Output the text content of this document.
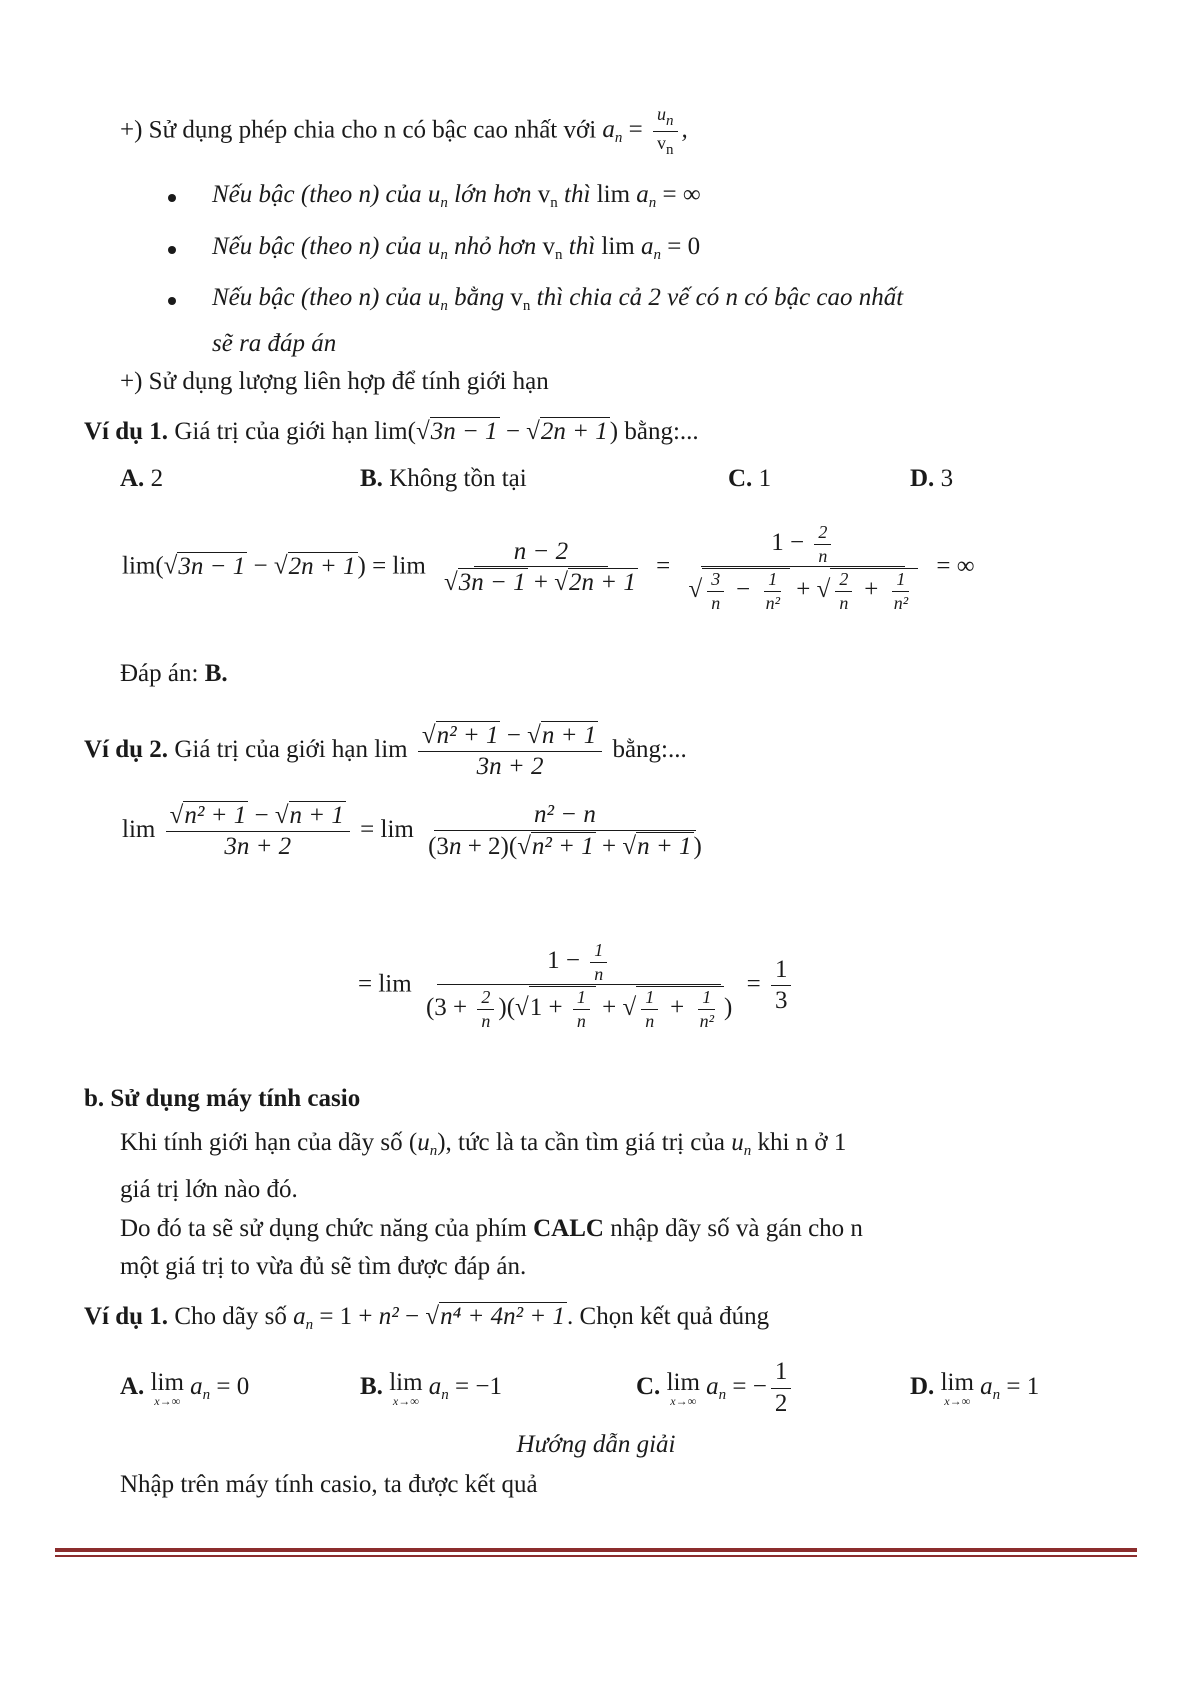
+) Sử dụng phép chia cho n có bậc cao nhất với $a_n = \frac{u_n}{v_n}$ ,
Nếu bậc (theo n) của $u_n$ lớn hơn $v_n$ thì $\lim a_n$ = ∞
Nếu bậc (theo n) của $u_n$ nhỏ hơn $v_n$ thì $\lim a_n = 0$
Nếu bậc (theo n) của $u_n$ bằng $v_n$ thì chia cả 2 vế có n có bậc cao nhất
sẽ ra đáp án
+) Sử dụng lượng liên hợp để tính giới hạn
Ví dụ 1. Giá trị của giới hạn lim(√3n − 1 − √2n + 1) bằng:...
A. 2	B. Không tồn tại	C. 1	D. 3
$\lim(√3n - 1 - √2n + 1) = \lim \frac{n - 2}{√3n - 1 + √2n + 1} = \frac{1 - \frac{2}{n}}{√ \frac{3}{n} - \frac{1}{\text{n²}} + √ \frac{2}{n} + \frac{1}{\text{n²}}}$ = ∞
Đáp án: B.
Ví dụ 2. Giá trị của giới hạn $\lim \frac{\text{√n² + 1 − √n + 1}}{3n + 2}$ bằng:...
$\lim \frac{\text{√n² + 1 − √n + 1}}{3n + 2} = \lim \frac{\text{n² − n}}{\text{(3n + 2)(√n² + 1 + √n + 1)}}$
= $\lim \frac{1 - \frac{1}{n}}{(3 + \frac{2}{n} )(√1 + \frac{1}{n} + √ \frac{1}{n} + \frac{1}{\text{n²}} )} = \frac{1}{3}$
b. Sử dụng máy tính casio
Khi tính giới hạn của dãy số $(u_n)$, tức là ta cần tìm giá trị của $u_n$ khi n ở 1
giá trị lớn nào đó.
Do đó ta sẽ sử dụng chức năng của phím CALC nhập dãy số và gán cho n
một giá trị to vừa đủ sẽ tìm được đáp án.
Ví dụ 1. Cho dãy số $a_n = 1 + n^2 - √n^4 + 4n^2 + 1$. Chọn kết quả đúng
A. lim
x→∞
$a_n = 0$	B. lim
x→∞
$a_n = -1$	C. lim
x→∞
$a_n$ = − $\frac{1}{2}$	D. lim
x→∞
$a_n = 1$
Hướng dẫn giải
Nhập trên máy tính casio, ta được kết quả
